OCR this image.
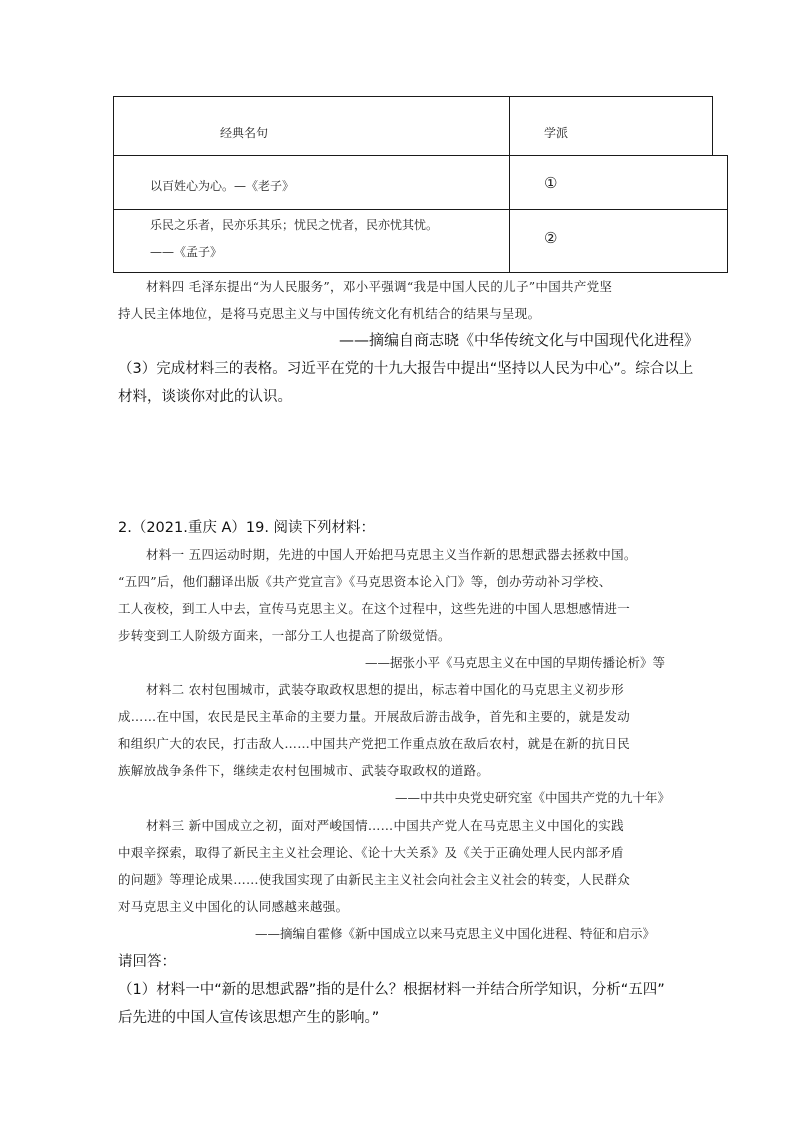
经典名句	学派
以百姓心为心。—《老子》	①
乐民之乐者，民亦乐其乐；忧民之忧者，民亦忧其忧。
——《孟子》
②
材料四 毛泽东提出“为人民服务”，邓小平强调“我是中国人民的儿子”中国共产党坚
持人民主体地位，是将马克思主义与中国传统文化有机结合的结果与呈现。
——摘编自商志晓《中华传统文化与中国现代化进程》
（3）完成材料三的表格。习近平在党的十九大报告中提出“坚持以人民为中心”。综合以上
材料，谈谈你对此的认识。
2.（2021.重庆 A）19. 阅读下列材料：
材料一 五四运动时期，先进的中国人开始把马克思主义当作新的思想武器去拯救中国。
“五四”后，他们翻译出版《共产党宣言》《马克思资本论入门》等，创办劳动补习学校、
工人夜校，到工人中去，宣传马克思主义。在这个过程中，这些先进的中国人思想感情进一
步转变到工人阶级方面来，一部分工人也提高了阶级觉悟。
——据张小平《马克思主义在中国的早期传播论析》等
材料二 农村包围城市，武装夺取政权思想的提出，标志着中国化的马克思主义初步形
成……在中国，农民是民主革命的主要力量。开展敌后游击战争，首先和主要的，就是发动
和组织广大的农民，打击敌人……中国共产党把工作重点放在敌后农村，就是在新的抗日民
族解放战争条件下，继续走农村包围城市、武装夺取政权的道路。
——中共中央党史研究室《中国共产党的九十年》
材料三 新中国成立之初，面对严峻国情……中国共产党人在马克思主义中国化的实践
中艰辛探索，取得了新民主主义社会理论、《论十大关系》及《关于正确处理人民内部矛盾
的问题》等理论成果……使我国实现了由新民主主义社会向社会主义社会的转变，人民群众
对马克思主义中国化的认同感越来越强。
——摘编自霍修《新中国成立以来马克思主义中国化进程、特征和启示》
请回答：
（1）材料一中“新的思想武器”指的是什么？根据材料一并结合所学知识，分析“五四”
后先进的中国人宣传该思想产生的影响。”
